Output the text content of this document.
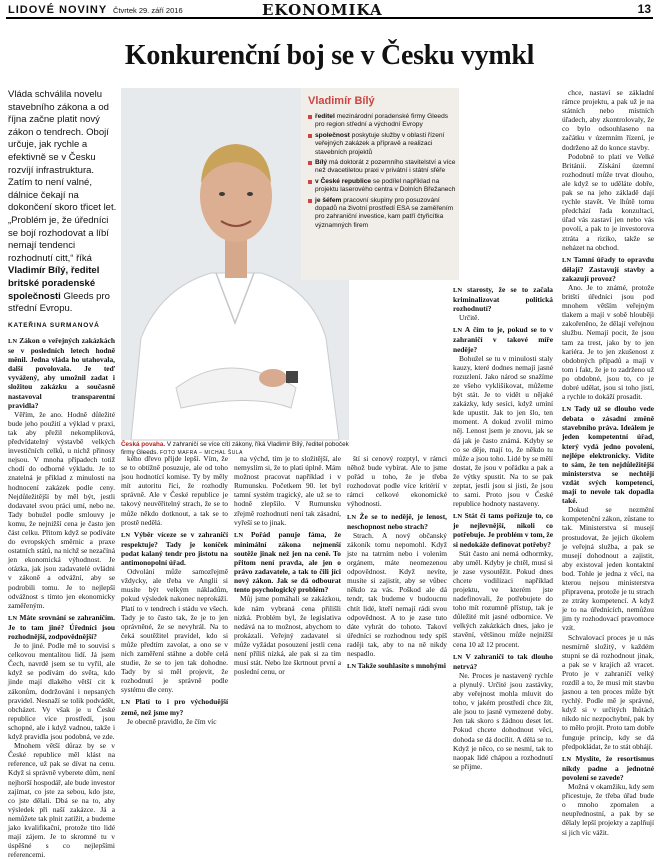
LIDOVÉ NOVINY Čtvrtek 29. září 2016	EKONOMIKA	13
Konkurenční boj se v Česku vymkl
Vláda schválila novelu stavebního zákona a od října začne platit nový zákon o tendrech. Obojí určuje, jak rychle a efektivně se v Česku rozvíjí infrastruktura. Zatím to není valné, dálnice čekají na dokončení skoro třicet let. „Problém je, že úředníci se bojí rozhodovat a líbí nemají tendenci rozhodnutí citt,“ říká Vladimír Bílý, ředitel britské poradenské společnosti Gleeds pro střední Evropu.
KATEŘINA SURMANOVÁ
Česká povaha. V zahraničí se více cítí zákony, říká Vladimír Bílý, ředitel poboček firmy Gleeds. FOTO MAFRA – MICHAL ŠULA
Vladimír Bílý
ředitel mezinárodní poradenské firmy Gleeds pro region střední a východní Evropy
společnost poskytuje služby v oblasti řízení veřejných zakázek a přípravě a realizaci stavebních projektů
Bílý má doktorát z pozemního stavitelství a více než dvacetiletou praxi v privátní i státní sféře
v České republice se podílel například na projektu laserového centra v Dolních Břežanech
je šéfem pracovní skupiny pro posuzování dopadů na životní prostředí ESA se zaměřením pro zahraniční investice, kam patří čtyřicítka významných firem

LN Zákon o veřejných zakázkách se v posledních letech hodně měnil. Jedna vláda ho utahovala, další povolovala. Je teď vyvážený, aby umožnil zadat i složitou zakázku a současně nastavoval transparentní pravidla?

Věřím, že ano. Hodně důležité bude jeho použití a výklad v praxi, tak aby přežil nekompliková, předvídatelný výstavbě velkých investičních celků, u nichž přinosy nejsou. V mnoha případech totiž chodí do odborné výkladu. Je to znatelná je příklad z minulosti na hodnocení zakázek podle ceny. Nejdůležitější by měl být, jestli dodavatel svou práci umí, nebo ne. Tady bohužel podle smlouvy je komu, že nejnižší cena je často jen část celku. Přitom když se podíváte do evropských směrnic a praxe ostatních států, na nichž se nezačíná jen ekonomická výhodnost. Je otázka, jak jsou zadavatelé ovládni v zákoně a odvážní, aby se podrobili tomu. Je to nejlepší odvážnost s tímto jen ekonomicky zaměřeným.

LN Máte srovnání se zahraničím. Je to tam jiné? Úředníci jsou rozhodnější, zodpovědnější?

Je to jiné. Podle mě to souvisí s celkovou mentalitou lidí. Já jsem Čech, navrdě jsem se tu vyřil, ale když se podívám do světa, kdo jinde mají dlakého větší cit k zákonům, dodržování i nepsaných pravidel. Nesnaží se tolik podvádět, obcházet. Vy však je u České republice více prostředí, jsou schopné, ale i když vadnou, takže i když pravidla jsou podobná, ve zde.

Mnohem větší důraz by se v České republice měl klást na reference, už pak se dívat na cenu. Když si správně vyberete dům, není nejhorší hospodář, ale bude investor zajímat, co jste za sebou, kdo jste, co jste dělali. Dbá se na to, aby výsledek při naší zakázce. Já a nemůžete tak plnit zatížit, a budeme jako kvalifikační, protože tito lidé mají zájem. Je to skromné tu v úspěšné s co nejlepšími referencemi.

kého dřevo přijde lepší. Vím, že se to obtížně posuzuje, ale od toho jsou hodnotící komise. Ty by měly mít autoritu říci, že rozhodly správně. Ale v České republice je takový neuvěřitelný strach, že se to může někdo dotknout, a tak se to prostě nedělá.

LN Výběr víceze se v zahraničí respektuje? Tady je koníček podat kalaný tendr pro jistotu na antimonopolní úřad.

Odvolání může samozřejmě vždycky, ale třeba ve Anglii si musíte být velkým nákladům, pokud výsledek nakonec neprokáží. Platí to v tendrech i stádu ve všech. Tady je to často tak, že je to jen oprávněné, že se nevyhrál. Na to čeká soutěžitel pravidel, kdo si může předtím zavolat, a ono se v nich zaměření stáhne a dobře celá studie, že se to jen tak dohodne. Tady by si měl projevit, že rozhodnutí je správně podle systému dle ceny.

LN Platí to i pro východuější země, než jsme my?

Je obecně pravidlo, že čím víc

na výchd, tím je to složitější, ale nemyslím si, že to platí úplně. Mám možnost pracovat například i v Rumunsku. Početkem 90. let byl tamní systém tragický, ale už se to hodně zlepšilo. V Rumunsku zřejmě rozhodnutí není tak zásadní, vyřeší se to jinak.

LN Pořád panuje fáma, že minimální zákona nejmenší soutěže jinak než jen na ceně. To přitom není pravda, ale jen o právo zadavatele, a tak to čili jíci nový zákon. Jak se dá odbourat tento psychologický problém?

Můj jsme pomáhali se zakázkou, kde nám vybraná cena přilišli nizká. Problém byl, že legislativa nedává na to možnost, abychom to prokázali. Veřejný zadavatel si může vyžádat posouzení jestli cena není příliš nízká, ale pak si za tím musí stát. Nebo lze škrtnout první a poslední cenu, or

ští si cenový rozptyl, v rámci něhož bude vybírat. Ale to jsme pořád u toho, že je třeba rozhodovat podle více kritérií v rámci celkové ekonomické výhodnosti.

LN Že se to nedějě, je lenost, neschopnost nebo strach?

Strach. A nový občanský zákoník tomu nepomohl. Když jste na tatrním nebo i volením orgánem, máte neomezenou odpovědnost. Když nevíte, musíte si zajistit, aby se vůbec někdo za vás. Poškod ale dá tendr, tak budeme v budoucnu chtít lidé, kteří nemají rádi svou odpovědnost. A to je zase tuto dáte vyhrát do tohoto. Takoví úředníci se rozhodnou tedy spíš raději tak, aby to na ně nikdy nespadlo.

LN Takže souhlasíte s mnohými

LN starosty, že se to začala kriminalizovat politická rozhodnutí?

Určitě.

LN A čím to je, pokud se to v zahraničí v takové míře neděje?

Bohužel se tu v minulosti staly kauzy, které dodnes nemají jasné rozuzlení. Jako národ se snažíme ze všeho vyklišikovat, můžeme být stát. Je to vidět u nějaké zakázky, kdy sesíci, když umíní kde upustit. Jak to jen šlo, ten moment. A dokud zvolil mimo něj. Lenost jsem je znovu, jak se dá jak je často známá. Kdyby se co se děje, mají to, že někdo tu může a jsou toho. Lidé by se mělí dostat, že jsou v pořádku a pak a že výtky spustit. Na to se pak zeptat, jestli jsou si jisti, že jsou to sami. Proto jsou v České republice hodnoty nastaveny.

LN Stát či tams pořizuje to, co je nejlevnější, nikoli co potřebuje. Je problém v tom, že si nedokáže definovat potřeby?

Stát často ani nemá odhormky, aby uměl. Kdyby je chtěl, musí si je zase vysoutěžit. Pokud dnes chcete vodilizaci například projektu, ve kterém jste nadefinovali, že potřebujete do toho mít rozumně přístup, tak je důležité mít jasné odbornice. Ve velkých zakázkách dnes, jako je stavění, většinou může nejnižší cena 10 až 12 procent.

LN V zahraničí to tak dlouho netrvá?

Ne. Proces je nastavený rychle a plynulý. Určité jsou zastávky, aby veřejnost mohla mluvit do toho, v jakém prostředí chce žít, ale jsou to jasně vymezené doby. Jen tak skoro s žádnou deset let. Pokud chcete dohodnout věci, dohoda se dá docílit. A dělá se to. Když je něco, co se nesmí, tak to naopak lidé chápou a rozhodnutí se přijme.

chce, nastaví se základní rámce projektu, a pak už je na státních nebo místních úřadech, aby zkontrolovaly, že co bylo odsouhlaseno na začátku v územním řízení, je dodrženo až do konce stavby.

Podobně to platí ve Velké Británii. Získání územní rozhodnutí může trvat dlouho, ale když se to uděláte dobře, pak se na jeho základě dají rychle stavět. Ve lhůtě tomu předchází řada konzultací, úřad vás zastaví jen nebo vás povolí, a pak to je investorova ztráta a riziko, takže se neházet na obchod.

LN Tamní úřady to opravdu dělají? Zastavují stavby a zakazují provoz?

Ano. Je to známé, protože britští úředníci jsou pod mnohem větším veřejným tlakem a mají v sobě hlouběji zakořeněno, že dělají veřejnou službu. Nemají pocit, že jsou tam za trest, jako by to jen kariéra. Je to jen zkušenost z obdobných případů a mají v tom i fakt, že je to zadrženo už po obdobné, jsou to, co je dobré udělat, jsou si toho jistí, a rychle to dokáží prosadit.

LN Tady už se dlouho vede debata o zásadní změně stavebního práva. Ideálem je jeden kompetentní úřad, který vydá jedno povolení, nejlépe elektronicky. Vidíte to sám, že ten nejdůležitější ministerstva se nechtějí vzdát svých kompetencí, mají to nevole tak dopadla také.

Dokud se nezmění kompetenční zákon, zůstane to tak. Ministerstva si musejí prostudovat, že jejich úkolem je veřejná služba, a pak se musejí dohodnout a zajistit, aby existoval jeden kontaktní bod. Tohle je jedna z věcí, na kterou nejsou ministerstva připravena, protože je tu strach ze ztráty kompetencí. A když je to na úřednících, nemůžou jim ty rozhodovací pravomoce vzít.

Schvalovací proces je u nás nesmírně složitý, v každém stupni se dá rozhodnout jinak, a pak se v krajích až vracet. Proto je v zahraničí velký rozdíl a to, že musí mít stavbu jasnou a ten proces může být rychlý. Podle mě je správné, když si v určitých lhůtách nikdo nic nezpochybní, pak by to mělo projít. Proto tam dobře funguje princip, kdy se dá předpokládat, že to stát obhájí.

LN Myslíte, že resortismus nikdy padne a jednotné povolení se zavede?

Možná v okamžiku, kdy sem přicestuje, že třeba úřad bude o mnoho zpomalen a neupřednostní, a pak by se dělaly lepší projekty a zaplňují si jich víc vážit.
